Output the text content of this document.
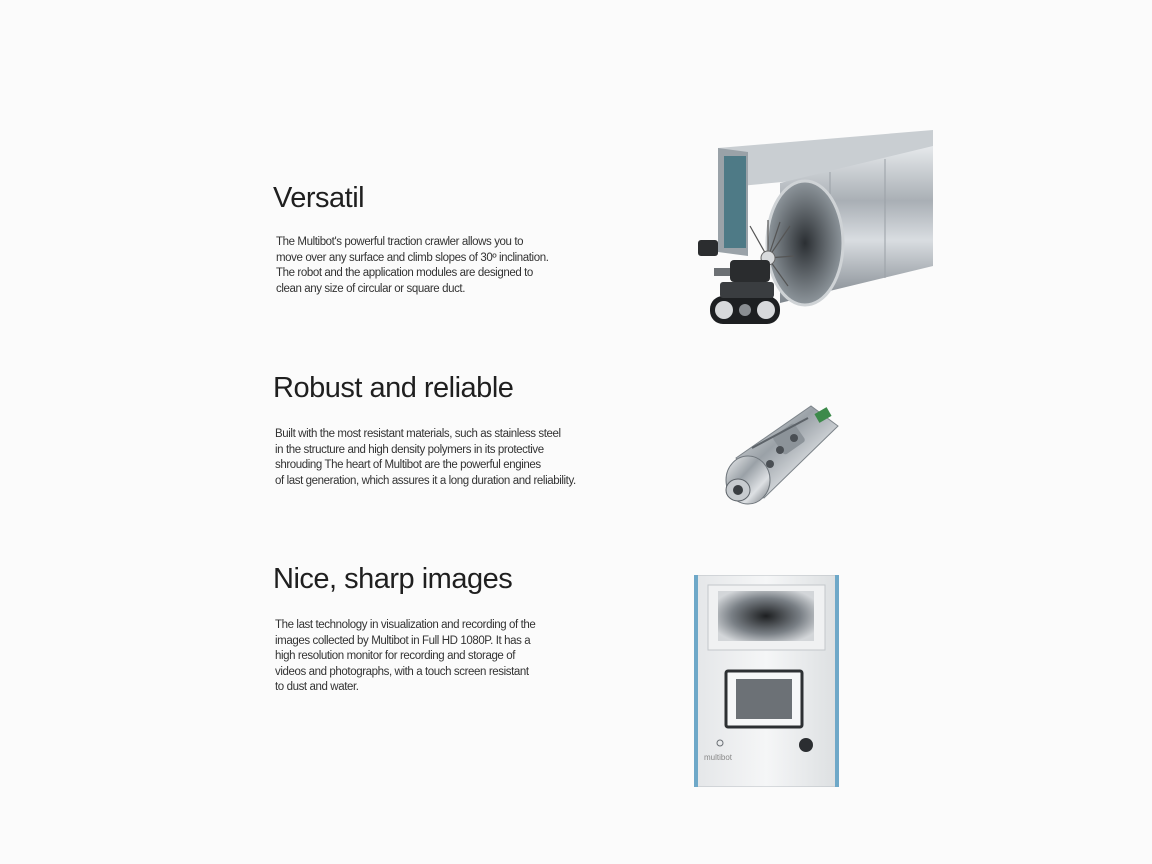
Versatil

The Multibot's powerful traction crawler allows you to
move over any surface and climb slopes of 30º inclination.
The robot and the application modules are designed to
clean any size of circular or square duct.

Robust and reliable

Built with the most resistant materials, such as stainless steel
in the structure and high density polymers in its protective
shrouding The heart of Multibot are the powerful engines
of last generation, which assures it a long duration and reliability.

Nice, sharp images

The last technology in visualization and recording of the
images collected by Multibot in Full HD 1080P. It has a
high resolution monitor for recording and storage of
videos and photographs, with a touch screen resistant
to dust and water.

multibot
